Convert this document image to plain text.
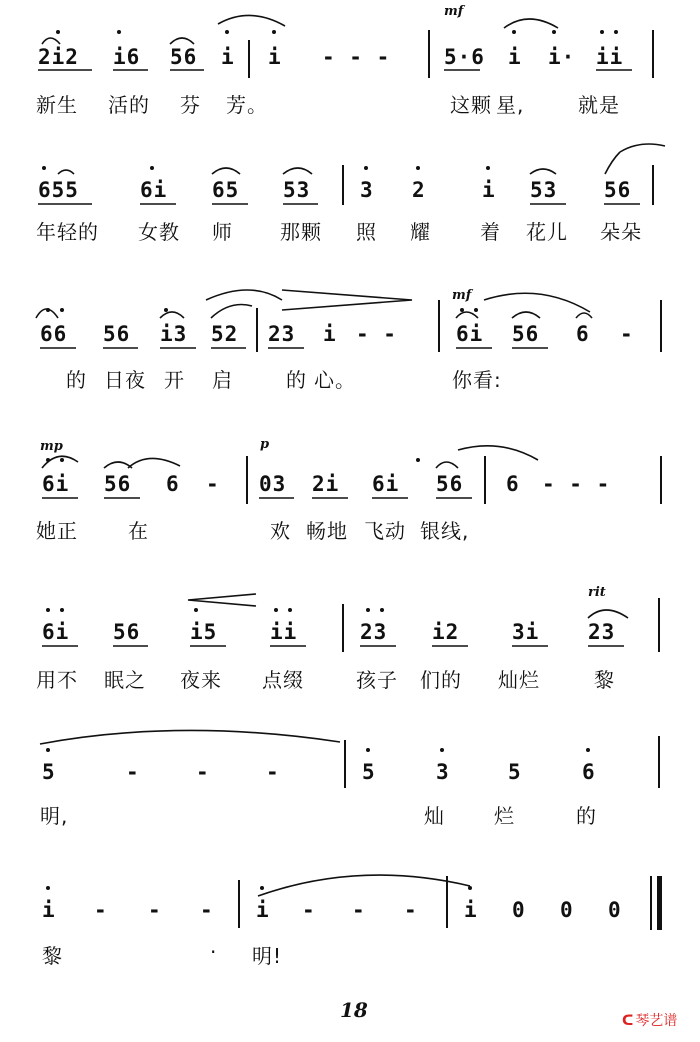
mf
2i2 i6 56 i i - - -	5·6 i i· ii
新生 活的 芬 芳。	这颗 星,	就是
655	6i 65 53 3 2	i 53 56
年轻的 女教 师 那颗 照 耀 着 花儿 朵朵
mf
66 56 i3 52 23 i - -	6i 56 6 -
的 日夜 开 启	的 心。	你看:
mp	p
6i 56 6 - 03 2i 6i 56 6 - - -
她正	在	欢 畅地 飞动 银线,
rit
6i 56 i5	ii	23 i2	3i 23
用不 眠之 夜来 点缀	孩子 们的 灿烂	黎
5	-	-	-	5	3	5	6
明,	灿 烂	的
i - - - i - - - i 0 0 0
黎	· 明!
18	ᑕ 琴艺谱
